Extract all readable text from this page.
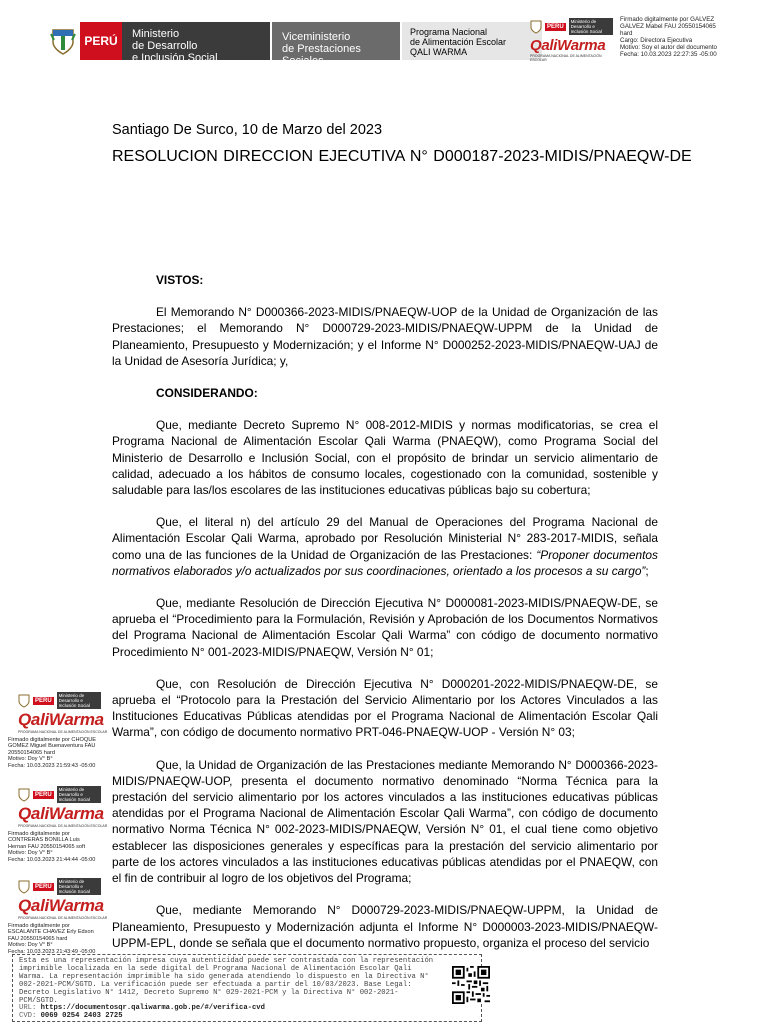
PERÚ	Ministerio
de Desarrollo
e Inclusión Social
Viceministerio
de Prestaciones Sociales
Programa Nacional
de Alimentación Escolar
QALI WARMA
PERÚ
Ministerio de Desarrollo e Inclusión Social
QaliWarma
PROGRAMA NACIONAL DE ALIMENTACIÓN ESCOLAR
Firmado digitalmente por GALVEZ
GALVEZ Mabel FAU 20550154065
hard
Cargo: Directora Ejecutiva
Motivo: Soy el autor del documento
Fecha: 10.03.2023 22:27:35 -05:00
Santiago De Surco, 10 de Marzo del 2023
RESOLUCION DIRECCION EJECUTIVA N° D000187-2023-MIDIS/PNAEQW-DE

VISTOS:

El Memorando N° D000366-2023-MIDIS/PNAEQW-UOP de la Unidad de Organización de las Prestaciones; el Memorando N° D000729-2023-MIDIS/PNAEQW-UPPM de la Unidad de Planeamiento, Presupuesto y Modernización; y el Informe N° D000252-2023-MIDIS/PNAEQW-UAJ de la Unidad de Asesoría Jurídica; y,

CONSIDERANDO:

Que, mediante Decreto Supremo N° 008-2012-MIDIS y normas modificatorias, se crea el Programa Nacional de Alimentación Escolar Qali Warma (PNAEQW), como Programa Social del Ministerio de Desarrollo e Inclusión Social, con el propósito de brindar un servicio alimentario de calidad, adecuado a los hábitos de consumo locales, cogestionado con la comunidad, sostenible y saludable para las/los escolares de las instituciones educativas públicas bajo su cobertura;

Que, el literal n) del artículo 29 del Manual de Operaciones del Programa Nacional de Alimentación Escolar Qali Warma, aprobado por Resolución Ministerial N° 283-2017-MIDIS, señala como una de las funciones de la Unidad de Organización de las Prestaciones: “Proponer documentos normativos elaborados y/o actualizados por sus coordinaciones, orientado a los procesos a su cargo”;

Que, mediante Resolución de Dirección Ejecutiva N° D000081-2023-MIDIS/PNAEQW-DE, se aprueba el “Procedimiento para la Formulación, Revisión y Aprobación de los Documentos Normativos del Programa Nacional de Alimentación Escolar Qali Warma” con código de documento normativo Procedimiento N° 001-2023-MIDIS/PNAEQW, Versión N° 01;

Que, con Resolución de Dirección Ejecutiva N° D000201-2022-MIDIS/PNAEQW-DE, se aprueba el “Protocolo para la Prestación del Servicio Alimentario por los Actores Vinculados a las Instituciones Educativas Públicas atendidas por el Programa Nacional de Alimentación Escolar Qali Warma”, con código de documento normativo PRT-046-PNAEQW-UOP - Versión N° 03;

Que, la Unidad de Organización de las Prestaciones mediante Memorando N° D000366-2023-MIDIS/PNAEQW-UOP, presenta el documento normativo denominado “Norma Técnica para la prestación del servicio alimentario por los actores vinculados a las instituciones educativas públicas atendidas por el Programa Nacional de Alimentación Escolar Qali Warma”, con código de documento normativo Norma Técnica N° 002-2023-MIDIS/PNAEQW, Versión N° 01, el cual tiene como objetivo establecer las disposiciones generales y específicas para la prestación del servicio alimentario por parte de los actores vinculados a las instituciones educativas públicas atendidas por el PNAEQW, con el fin de contribuir al logro de los objetivos del Programa;

Que, mediante Memorando N° D000729-2023-MIDIS/PNAEQW-UPPM, la Unidad de Planeamiento, Presupuesto y Modernización adjunta el Informe N° D000003-2023-MIDIS/PNAEQW-UPPM-EPL, donde se señala que el documento normativo propuesto, organiza el proceso del servicio

PERÚ
Ministerio de Desarrollo e Inclusión Social
QaliWarma
PROGRAMA NACIONAL DE ALIMENTACIÓN ESCOLAR
Firmado digitalmente por CHOQUE
GOMEZ Miguel Buenaventura FAU
20550154065 hard
Motivo: Doy V° B°
Fecha: 10.03.2023 21:59:43 -05:00
PERÚ
Ministerio de Desarrollo e Inclusión Social
QaliWarma
PROGRAMA NACIONAL DE ALIMENTACIÓN ESCOLAR
Firmado digitalmente por
CONTRERAS BONILLA Luis
Hernan FAU 20550154065 soft
Motivo: Doy V° B°
Fecha: 10.03.2023 21:44:44 -05:00
PERÚ
Ministerio de Desarrollo e Inclusión Social
QaliWarma
PROGRAMA NACIONAL DE ALIMENTACIÓN ESCOLAR
Firmado digitalmente por
ESCALANTE CHAVEZ Erly Edson
FAU 20550154065 hard
Motivo: Doy V° B°
Fecha: 10.03.2023 21:43:49 -05:00
Esta es una representación impresa cuya autenticidad puede ser contrastada con la representación imprimible localizada en la sede digital del Programa Nacional de Alimentación Escolar Qali Warma. La representación imprimible ha sido generada atendiendo lo dispuesto en la Directiva N° 002-2021-PCM/SGTD. La verificación puede ser efectuada a partir del 10/03/2023. Base Legal: Decreto Legislativo N° 1412, Decreto Supremo N° 029-2021-PCM y la Directiva N° 002-2021-PCM/SGTD.
URL: https://documentosqr.qaliwarma.gob.pe/#/verifica-cvd
CVD: 0069 0254 2403 2725
